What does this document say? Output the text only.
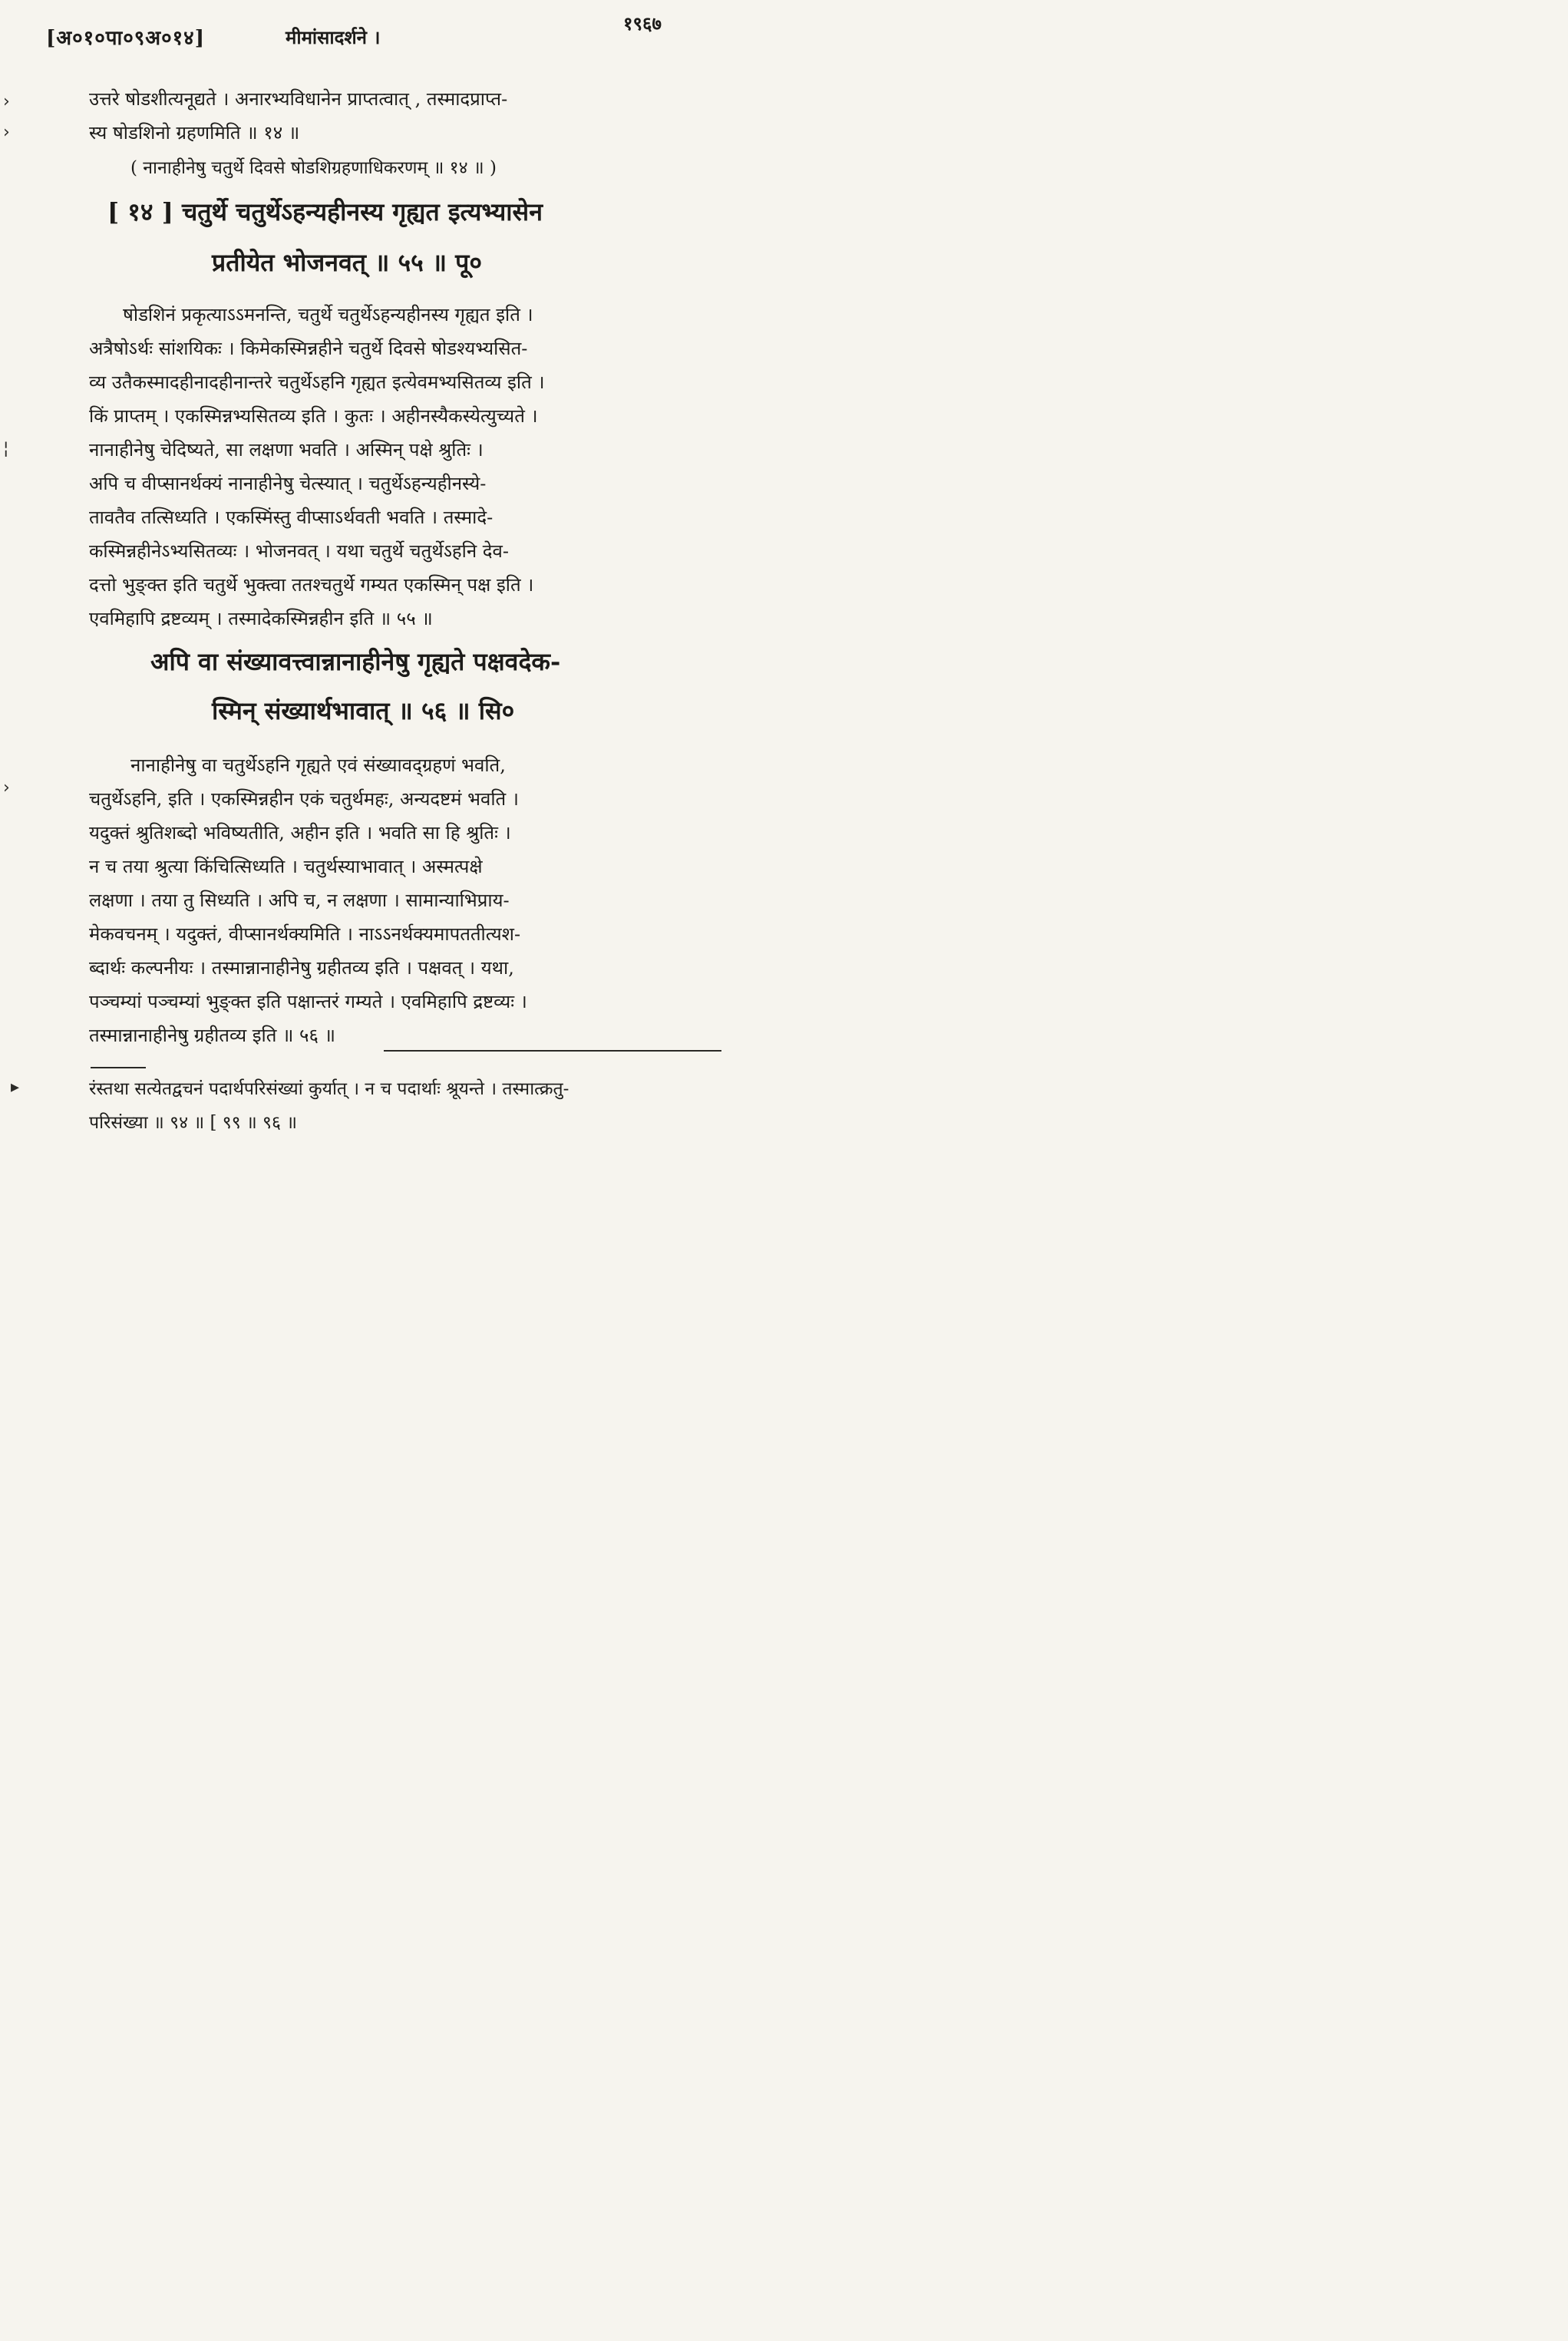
[अ०१०पा०९अ०१४]	मीमांसादर्शने ।
१९६७
›
›
¦
›
▸
उत्तरे षोडशीत्यनूद्यते । अनारभ्यविधानेन प्राप्तत्वात् , तस्मादप्राप्त-
स्य षोडशिनो ग्रहणमिति ॥ १४ ॥
( नानाहीनेषु चतुर्थे दिवसे षोडशिग्रहणाधिकरणम् ॥ १४ ॥ )
[ १४ ] चतुर्थे चतुर्थेऽहन्यहीनस्य गृह्यत इत्यभ्यासेन
प्रतीयेत भोजनवत् ॥ ५५ ॥ पू०
षोडशिनं प्रकृत्याऽऽमनन्ति, चतुर्थे चतुर्थेऽहन्यहीनस्य गृह्यत इति ।
अत्रैषोऽर्थः सांशयिकः । किमेकस्मिन्नहीने चतुर्थे दिवसे षोडश्यभ्यसित-
व्य उतैकस्मादहीनादहीनान्तरे चतुर्थेऽहनि गृह्यत इत्येवमभ्यसितव्य इति ।
किं प्राप्तम् । एकस्मिन्नभ्यसितव्य इति । कुतः । अहीनस्यैकस्येत्युच्यते ।
नानाहीनेषु चेदिष्यते, सा लक्षणा भवति । अस्मिन् पक्षे श्रुतिः ।
अपि च वीप्सानर्थक्यं नानाहीनेषु चेत्स्यात् । चतुर्थेऽहन्यहीनस्ये-
तावतैव तत्सिध्यति । एकस्मिंस्तु वीप्साऽर्थवती भवति । तस्मादे-
कस्मिन्नहीनेऽभ्यसितव्यः । भोजनवत् । यथा चतुर्थे चतुर्थेऽहनि देव-
दत्तो भुङ्क्त इति चतुर्थे भुक्त्वा ततश्चतुर्थे गम्यत एकस्मिन् पक्ष इति ।
एवमिहापि द्रष्टव्यम् । तस्मादेकस्मिन्नहीन इति ॥ ५५ ॥
अपि वा संख्यावत्त्वान्नानाहीनेषु गृह्यते पक्षवदेक-
स्मिन् संख्यार्थभावात् ॥ ५६ ॥ सि०
नानाहीनेषु वा चतुर्थेऽहनि गृह्यते एवं संख्यावद्ग्रहणं भवति,
चतुर्थेऽहनि, इति । एकस्मिन्नहीन एकं चतुर्थमहः, अन्यदष्टमं भवति ।
यदुक्तं श्रुतिशब्दो भविष्यतीति, अहीन इति । भवति सा हि श्रुतिः ।
न च तया श्रुत्या किंचित्सिध्यति । चतुर्थस्याभावात् । अस्मत्पक्षे
लक्षणा । तया तु सिध्यति । अपि च, न लक्षणा । सामान्याभिप्राय-
मेकवचनम् । यदुक्तं, वीप्सानर्थक्यमिति । नाऽऽनर्थक्यमापततीत्यश-
ब्दार्थः कल्पनीयः । तस्मान्नानाहीनेषु ग्रहीतव्य इति । पक्षवत् । यथा,
पञ्चम्यां पञ्चम्यां भुङ्क्त इति पक्षान्तरं गम्यते । एवमिहापि द्रष्टव्यः ।
तस्मान्नानाहीनेषु ग्रहीतव्य इति ॥ ५६ ॥
रंस्तथा सत्येतद्वचनं पदार्थपरिसंख्यां कुर्यात् । न च पदार्थाः श्रूयन्ते । तस्मात्क्रतु-
परिसंख्या ॥ ९४ ॥ [ ९९ ॥ ९६ ॥
